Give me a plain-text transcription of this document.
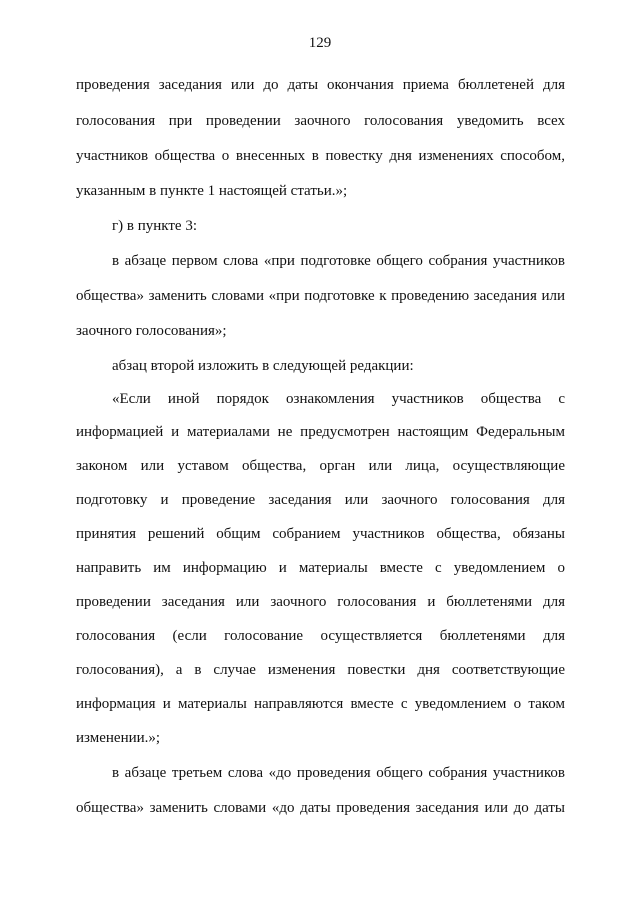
129
проведения заседания или до даты окончания приема бюллетеней для
голосования при проведении заочного голосования уведомить всех
участников общества о внесенных в повестку дня изменениях способом,
указанным в пункте 1 настоящей статьи.»;
г) в пункте 3:
в абзаце первом слова «при подготовке общего собрания участников
общества» заменить словами «при подготовке к проведению заседания или
заочного голосования»;
абзац второй изложить в следующей редакции:
«Если иной порядок ознакомления участников общества с
информацией и материалами не предусмотрен настоящим Федеральным
законом или уставом общества, орган или лица, осуществляющие
подготовку и проведение заседания или заочного голосования для
принятия решений общим собранием участников общества, обязаны
направить им информацию и материалы вместе с уведомлением о
проведении заседания или заочного голосования и бюллетенями для
голосования (если голосование осуществляется бюллетенями для
голосования), а в случае изменения повестки дня соответствующие
информация и материалы направляются вместе с уведомлением о таком
изменении.»;
в абзаце третьем слова «до проведения общего собрания участников
общества» заменить словами «до даты проведения заседания или до даты
